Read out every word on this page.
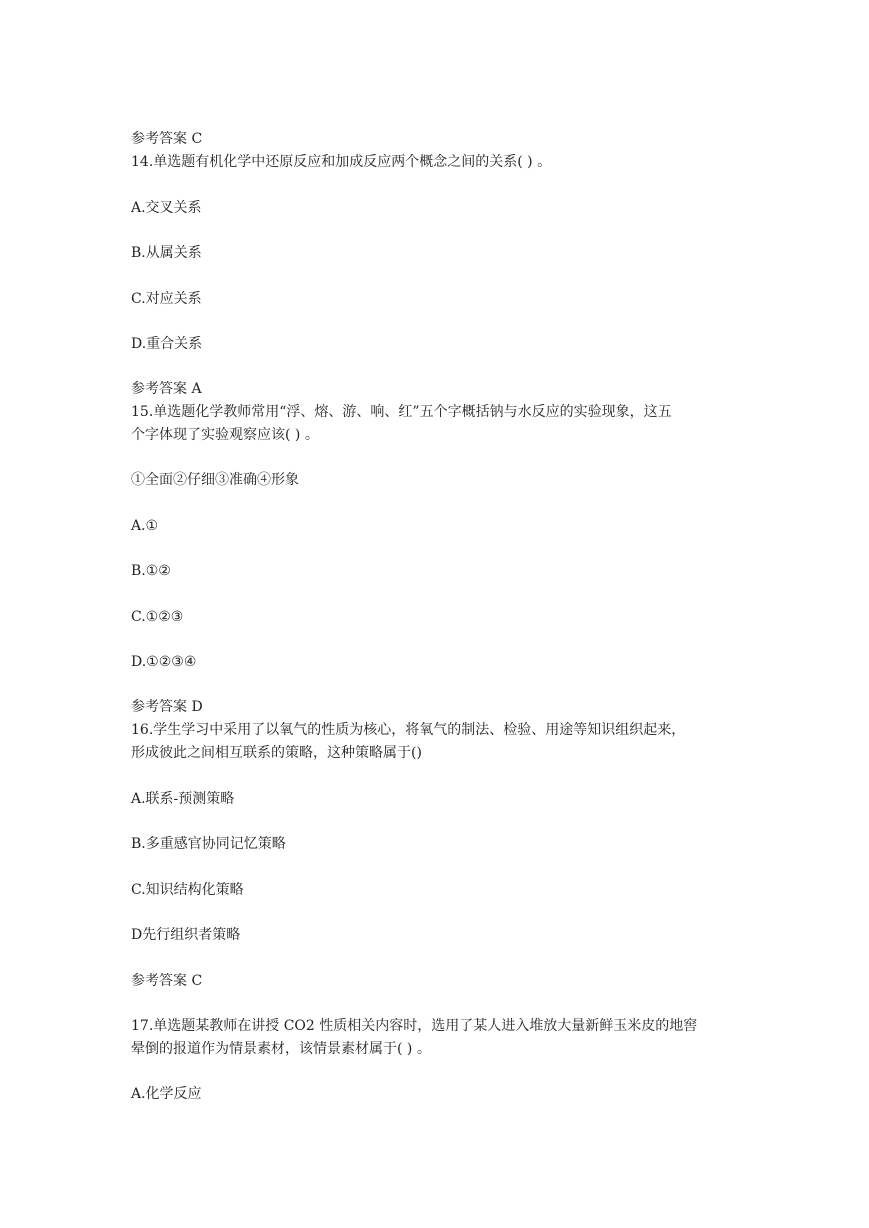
参考答案 C

14.单选题有机化学中还原反应和加成反应两个概念之间的关系( ) 。

A.交叉关系

B.从属关系

C.对应关系

D.重合关系

参考答案 A

15.单选题化学教师常用“浮、熔、游、响、红”五个字概括钠与水反应的实验现象，这五

个字体现了实验观察应该( ) 。

①全面②仔细③准确④形象

A.①

B.①②

C.①②③

D.①②③④

参考答案 D

16.学生学习中采用了以氧气的性质为核心，将氧气的制法、检验、用途等知识组织起来，

形成彼此之间相互联系的策略，这种策略属于()

A.联系-预测策略

B.多重感官协同记忆策略

C.知识结构化策略

D先行组织者策略

参考答案 C

17.单选题某教师在讲授 CO2 性质相关内容时，选用了某人进入堆放大量新鲜玉米皮的地窖

晕倒的报道作为情景素材，该情景素材属于( ) 。

A.化学反应
